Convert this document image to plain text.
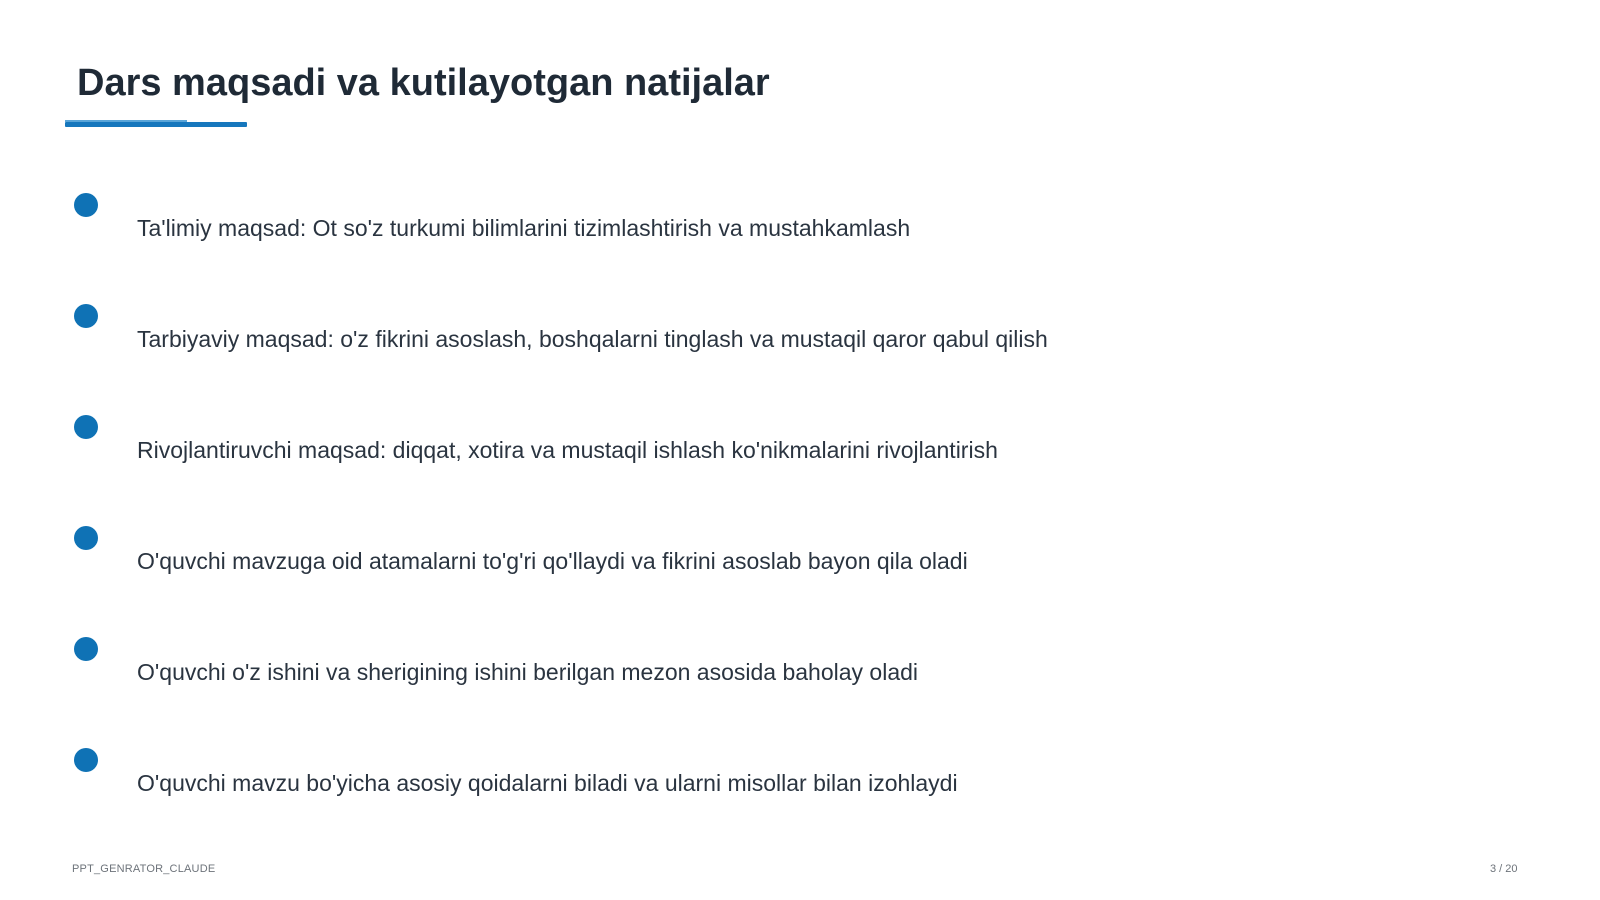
Dars maqsadi va kutilayotgan natijalar
Ta'limiy maqsad: Ot so'z turkumi bilimlarini tizimlashtirish va mustahkamlash
Tarbiyaviy maqsad: o'z fikrini asoslash, boshqalarni tinglash va mustaqil qaror qabul qilish
Rivojlantiruvchi maqsad: diqqat, xotira va mustaqil ishlash ko'nikmalarini rivojlantirish
O'quvchi mavzuga oid atamalarni to'g'ri qo'llaydi va fikrini asoslab bayon qila oladi
O'quvchi o'z ishini va sherigining ishini berilgan mezon asosida baholay oladi
O'quvchi mavzu bo'yicha asosiy qoidalarni biladi va ularni misollar bilan izohlaydi
PPT_GENRATOR_CLAUDE	3 / 20
